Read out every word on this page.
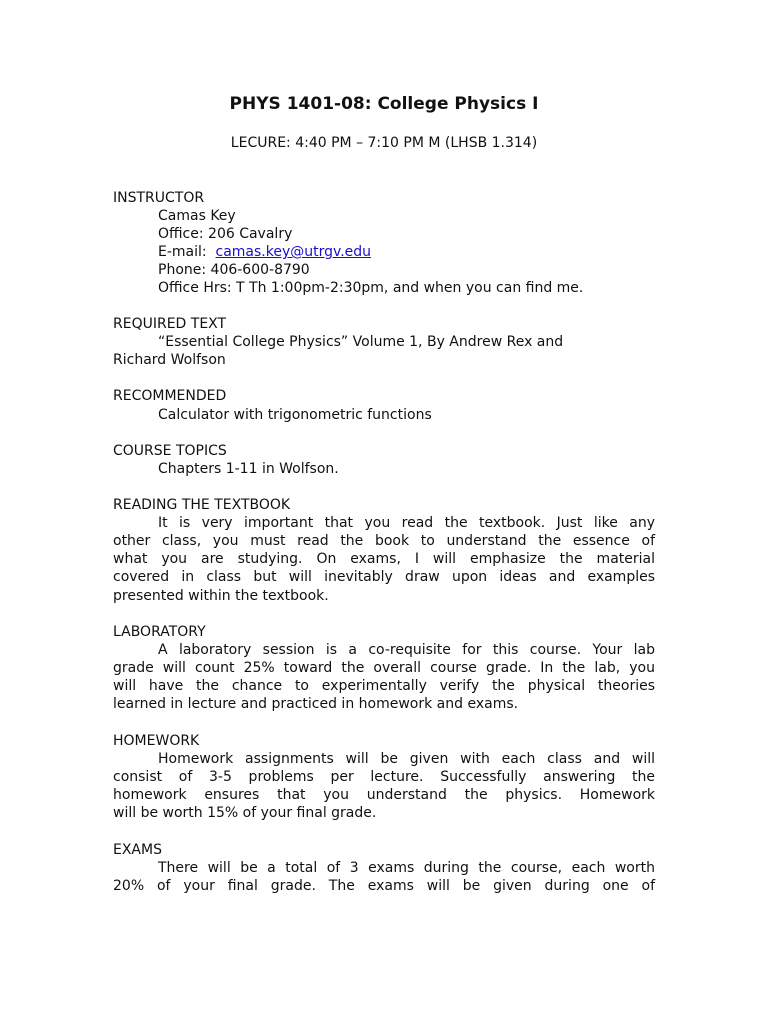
PHYS 1401-08: College Physics I
LECURE: 4:40 PM – 7:10 PM M (LHSB 1.314)
INSTRUCTOR
Camas Key
Office: 206 Cavalry
E-mail:  camas.key@utrgv.edu
Phone: 406-600-8790
Office Hrs: T Th 1:00pm-2:30pm, and when you can find me.
REQUIRED TEXT
“Essential College Physics” Volume 1, By Andrew Rex and
Richard Wolfson
RECOMMENDED
Calculator with trigonometric functions
COURSE TOPICS
Chapters 1-11 in Wolfson.
READING THE TEXTBOOK
It is very important that you read the textbook. Just like any
other class, you must read the book to understand the essence of
what you are studying. On exams, I will emphasize the material
covered in class but will inevitably draw upon ideas and examples
presented within the textbook.
LABORATORY
A laboratory session is a co-requisite for this course. Your lab
grade will count 25% toward the overall course grade. In the lab, you
will have the chance to experimentally verify the physical theories
learned in lecture and practiced in homework and exams.
HOMEWORK
Homework assignments will be given with each class and will
consist of 3-5 problems per lecture. Successfully answering the
homework ensures that you understand the physics. Homework
will be worth 15% of your final grade.
EXAMS
There will be a total of 3 exams during the course, each worth
20% of your final grade. The exams will be given during one of
